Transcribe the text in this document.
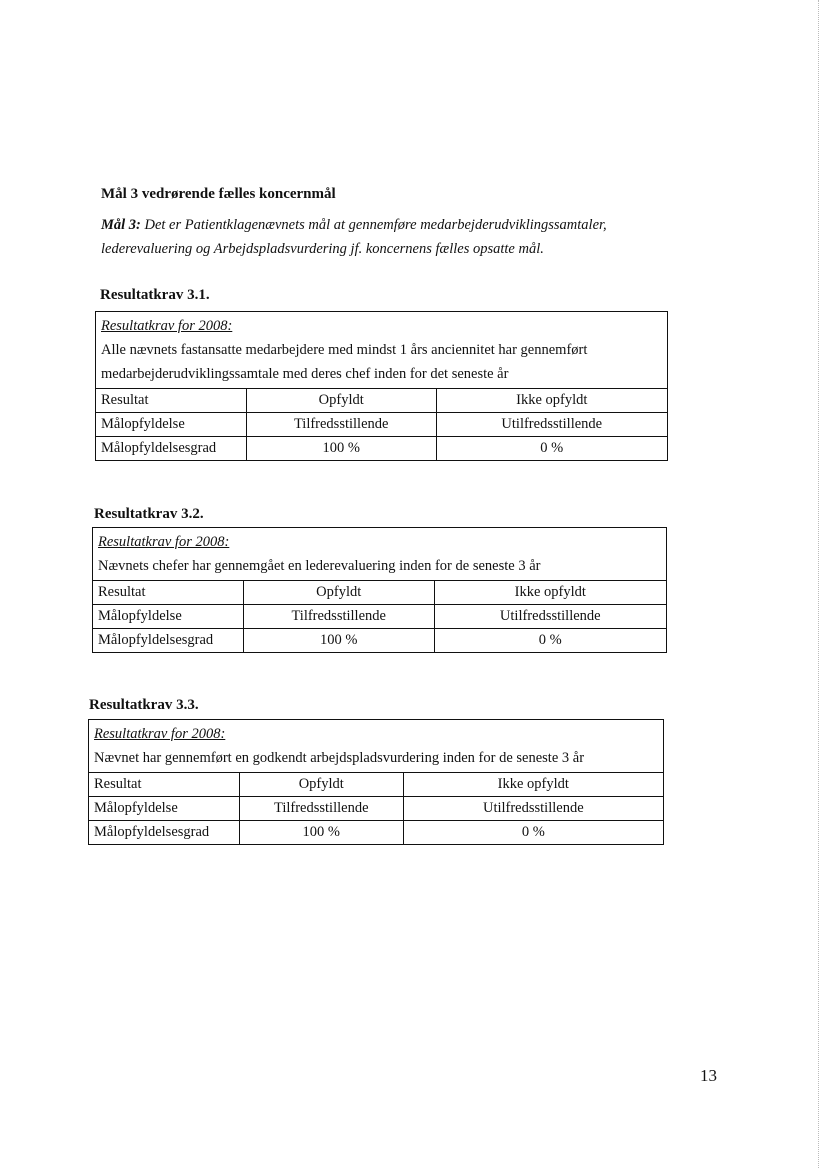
Mål 3 vedrørende fælles koncernmål
Mål 3: Det er Patientklagenævnets mål at gennemføre medarbejderudviklingssamtaler, lederevaluering og Arbejdspladsvurdering jf. koncernens fælles opsatte mål.
Resultatkrav 3.1.
Resultatkrav for 2008:
Alle nævnets fastansatte medarbejdere med mindst 1 års anciennitet har gennemført medarbejderudviklingssamtale med deres chef inden for det seneste år		
Resultat	Opfyldt	Ikke opfyldt
Målopfyldelse	Tilfredsstillende	Utilfredsstillende
Målopfyldelsesgrad	100 %	0 %
Resultatkrav 3.2.
Resultatkrav for 2008:
Nævnets chefer har gennemgået en lederevaluering inden for de seneste 3 år		
Resultat	Opfyldt	Ikke opfyldt
Målopfyldelse	Tilfredsstillende	Utilfredsstillende
Målopfyldelsesgrad	100 %	0 %
Resultatkrav 3.3.
Resultatkrav for 2008:
Nævnet har gennemført en godkendt arbejdspladsvurdering inden for de seneste 3 år		
Resultat	Opfyldt	Ikke opfyldt
Målopfyldelse	Tilfredsstillende	Utilfredsstillende
Målopfyldelsesgrad	100 %	0 %
13
